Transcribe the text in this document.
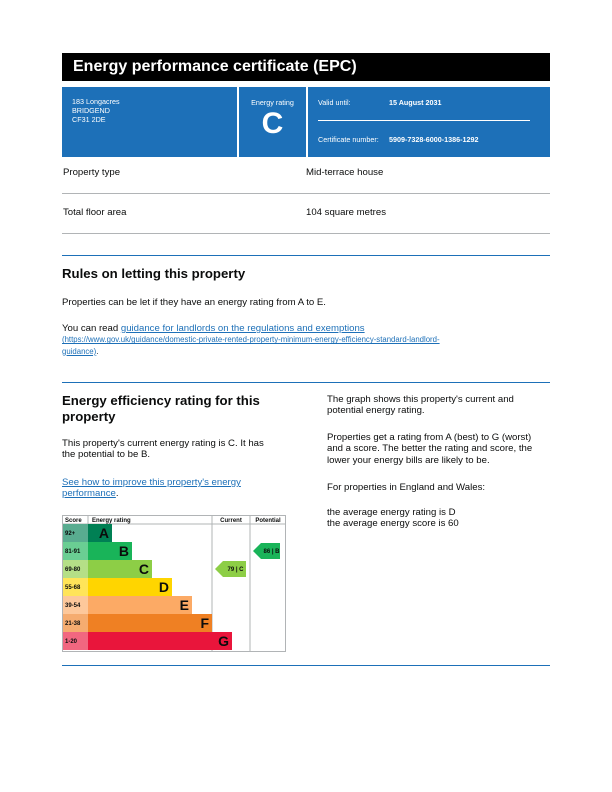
Energy performance certificate (EPC)
183 Longacres
BRIDGEND
CF31 2DE
Energy rating
C
Valid until:	15 August 2031
Certificate number: 5909-7328-6000-1386-1292
Property type	Mid-terrace house
Total floor area	104 square metres
Rules on letting this property
Properties can be let if they have an energy rating from A to E.
You can read guidance for landlords on the regulations and exemptions
(https://www.gov.uk/guidance/domestic-private-rented-property-minimum-energy-efficiency-standard-landlord-
guidance).
Energy efficiency rating for this
property
This property's current energy rating is C. It has
the potential to be B.
See how to improve this property's energy
performance.
The graph shows this property's current and
potential energy rating.
Properties get a rating from A (best) to G (worst)
and a score. The better the rating and score, the
lower your energy bills are likely to be.
For properties in England and Wales:
the average energy rating is D
the average energy score is 60
Score Energy rating	Current Potential
92+ A
81-91	B
69-80	C
55-68	D
39-54	E
21-38	F
1-20	G
79 | C
86 | B
